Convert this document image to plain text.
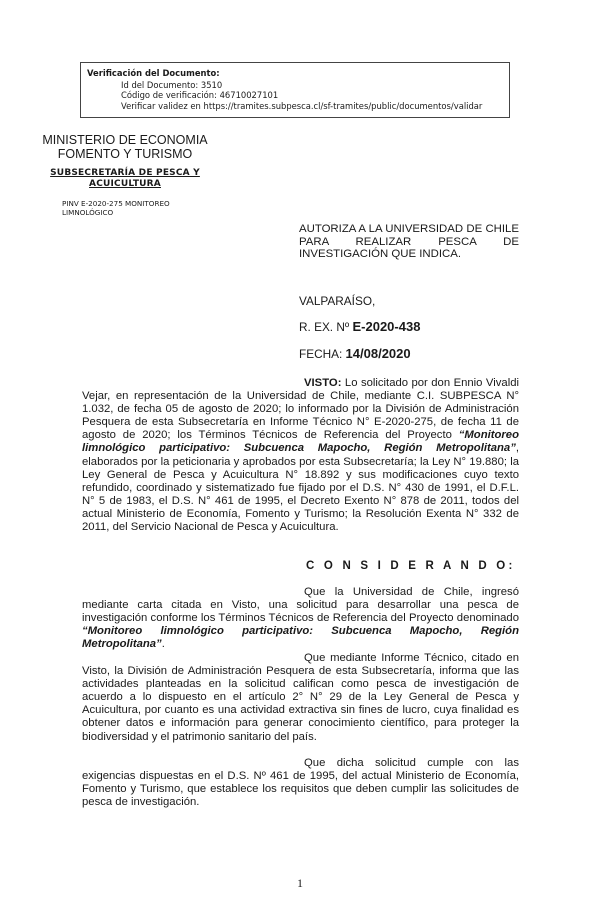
Verificación del Documento:
• Id del Documento: 3510
• Código de verificación: 46710027101
• Verificar validez en https://tramites.subpesca.cl/sf-tramites/public/documentos/validar
MINISTERIO DE ECONOMIA
FOMENTO Y TURISMO
SUBSECRETARÍA DE PESCA Y ACUICULTURA
PINV E-2020-275 MONITOREO LIMNOLÓGICO
AUTORIZA A LA UNIVERSIDAD DE CHILE PARA REALIZAR PESCA DE INVESTIGACIÓN QUE INDICA.
VALPARAÍSO,
R. EX. Nº E-2020-438
FECHA: 14/08/2020

VISTO: Lo solicitado por don Ennio Vivaldi Vejar, en representación de la Universidad de Chile, mediante C.I. SUBPESCA N° 1.032, de fecha 05 de agosto de 2020; lo informado por la División de Administración Pesquera de esta Subsecretaría en Informe Técnico N° E-2020-275, de fecha 11 de agosto de 2020; los Términos Técnicos de Referencia del Proyecto “Monitoreo limnológico participativo: Subcuenca Mapocho, Región Metropolitana”, elaborados por la peticionaria y aprobados por esta Subsecretaría; la Ley N° 19.880; la Ley General de Pesca y Acuicultura N° 18.892 y sus modificaciones cuyo texto refundido, coordinado y sistematizado fue fijado por el D.S. N° 430 de 1991, el D.F.L. N° 5 de 1983, el D.S. N° 461 de 1995, el Decreto Exento N° 878 de 2011, todos del actual Ministerio de Economía, Fomento y Turismo; la Resolución Exenta N° 332 de 2011, del Servicio Nacional de Pesca y Acuicultura.

C O N S I D E R A N D O:

Que la Universidad de Chile, ingresó mediante carta citada en Visto, una solicitud para desarrollar una pesca de investigación conforme los Términos Técnicos de Referencia del Proyecto denominado “Monitoreo limnológico participativo: Subcuenca Mapocho, Región Metropolitana”.

Que mediante Informe Técnico, citado en Visto, la División de Administración Pesquera de esta Subsecretaría, informa que las actividades planteadas en la solicitud califican como pesca de investigación de acuerdo a lo dispuesto en el artículo 2° N° 29 de la Ley General de Pesca y Acuicultura, por cuanto es una actividad extractiva sin fines de lucro, cuya finalidad es obtener datos e información para generar conocimiento científico, para proteger la biodiversidad y el patrimonio sanitario del país.

Que dicha solicitud cumple con las exigencias dispuestas en el D.S. Nº 461 de 1995, del actual Ministerio de Economía, Fomento y Turismo, que establece los requisitos que deben cumplir las solicitudes de pesca de investigación.

1
